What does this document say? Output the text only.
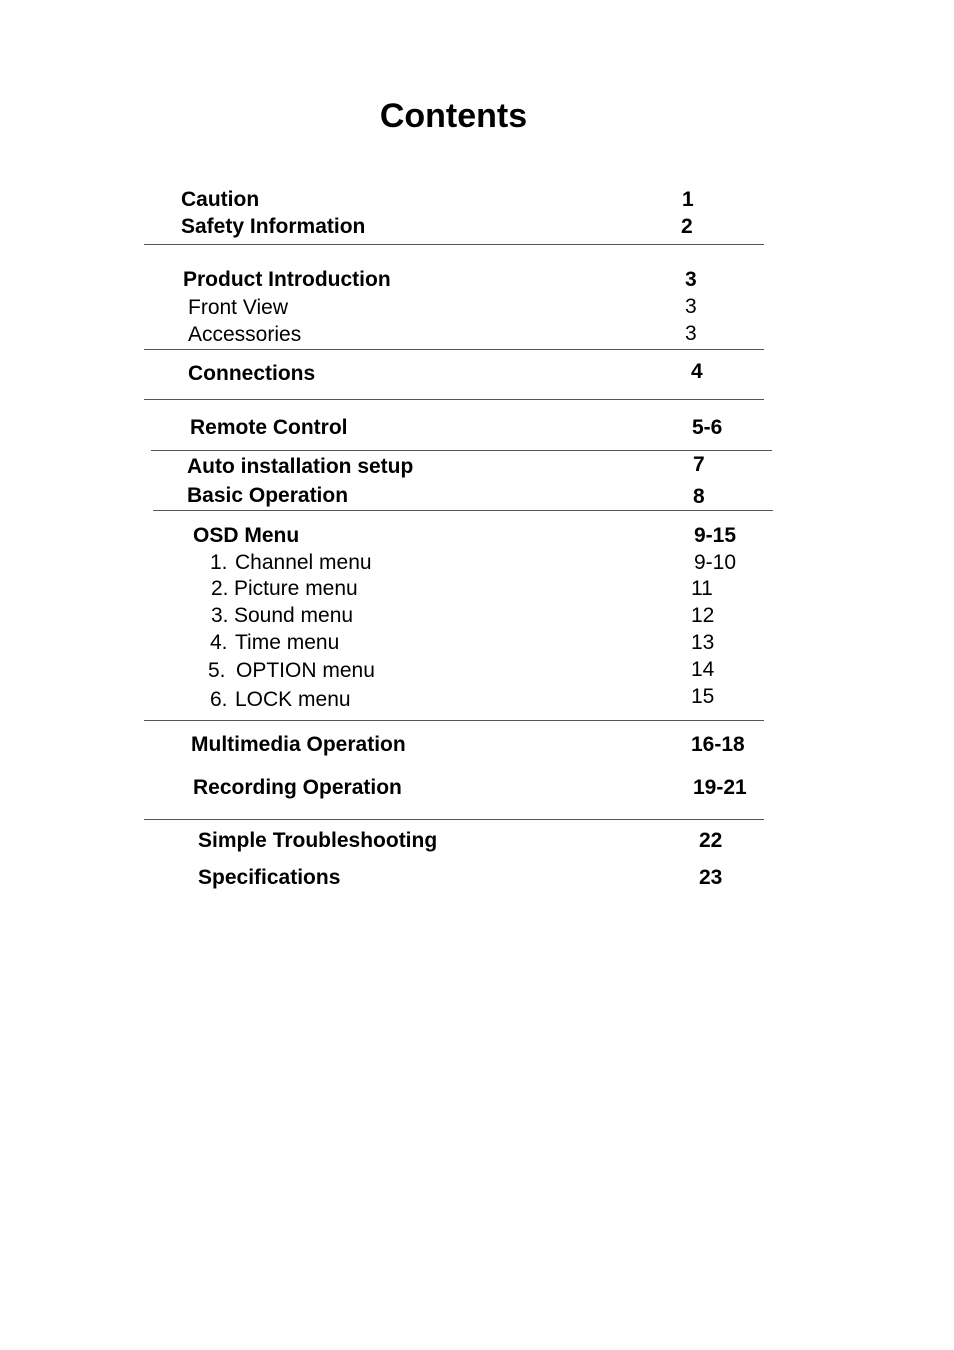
Contents
Caution	1
Safety Information	2
Product Introduction	3
Front View	3
Accessories	3
Connections	4
Remote Control	5-6
Auto installation setup	7
Basic Operation	8
OSD Menu	9-15
1. Channel menu	9-10
2. Picture menu	11
3. Sound menu	12
4. Time menu	13
5. OPTION menu	14
6. LOCK menu	15
Multimedia Operation	16-18
Recording Operation	19-21
Simple Troubleshooting	22
Specifications	23
